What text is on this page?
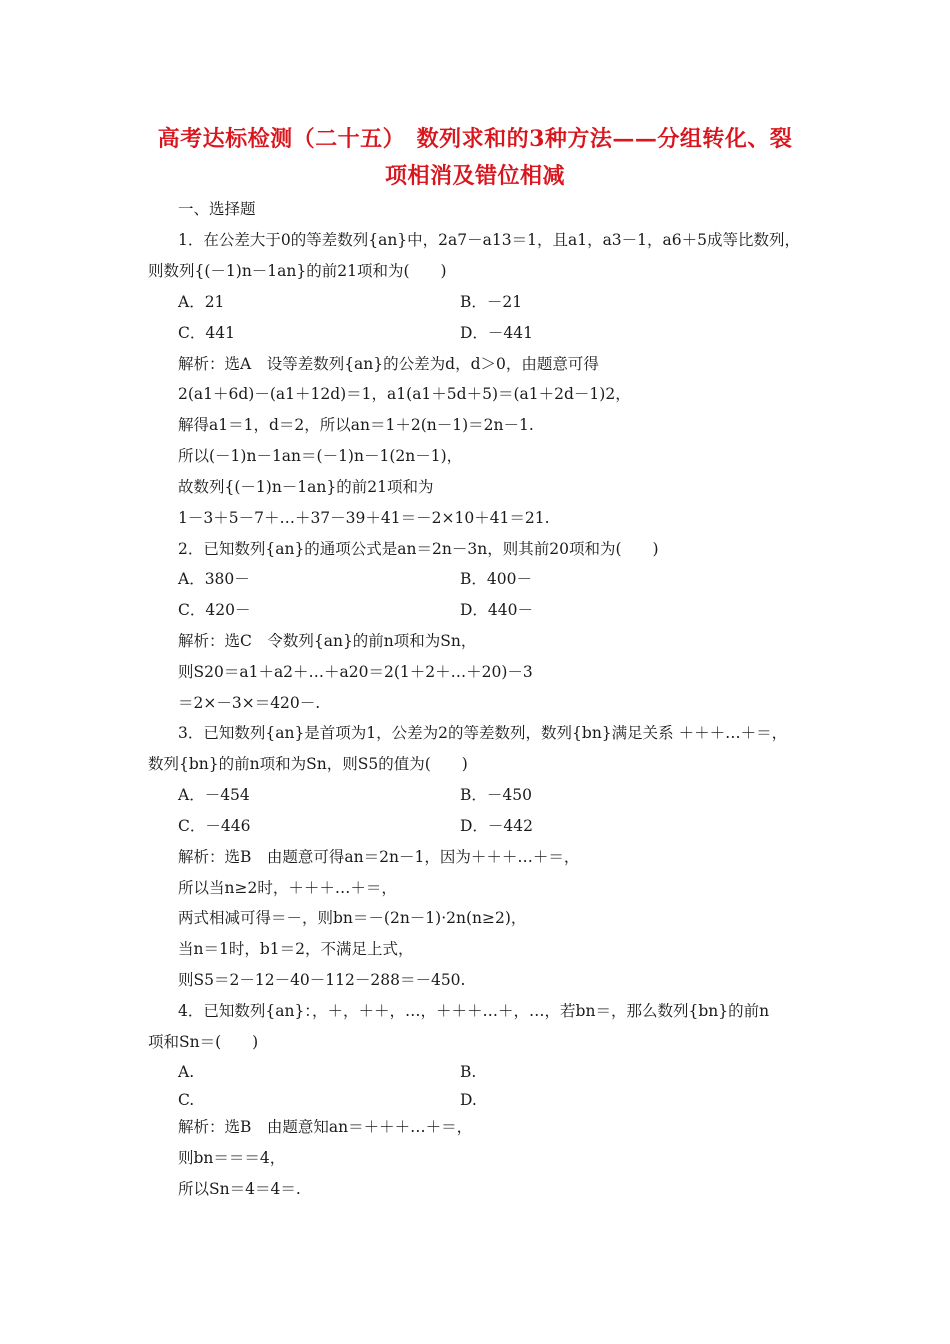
高考达标检测（二十五）　数列求和的3种方法——分组转化、裂
项相消及错位相减
一、选择题
1．在公差大于0的等差数列{an}中，2a7－a13＝1，且a1，a3－1，a6＋5成等比数列，
则数列{(－1)n－1an}的前21项和为(　　)
A．21	B．－21
C．441	D．－441
解析：选A　设等差数列{an}的公差为d，d＞0，由题意可得
2(a1＋6d)－(a1＋12d)＝1，a1(a1＋5d＋5)＝(a1＋2d－1)2，
解得a1＝1，d＝2，所以an＝1＋2(n－1)＝2n－1.
所以(－1)n－1an＝(－1)n－1(2n－1)，
故数列{(－1)n－1an}的前21项和为
1－3＋5－7＋…＋37－39＋41＝－2×10＋41＝21.
2．已知数列{an}的通项公式是an＝2n－3n，则其前20项和为(　　)
A．380－	B．400－
C．420－	D．440－
解析：选C　令数列{an}的前n项和为Sn，
则S20＝a1＋a2＋…＋a20＝2(1＋2＋…＋20)－3
＝2×－3×＝420－.
3．已知数列{an}是首项为1，公差为2的等差数列，数列{bn}满足关系 ＋＋＋…＋＝，
数列{bn}的前n项和为Sn，则S5的值为(　　)
A．－454	B．－450
C．－446	D．－442
解析：选B　由题意可得an＝2n－1，因为＋＋＋…＋＝，
所以当n≥2时，＋＋＋…＋＝，
两式相减可得＝－，则bn＝－(2n－1)·2n(n≥2)，
当n＝1时，b1＝2，不满足上式，
则S5＝2－12－40－112－288＝－450.
4．已知数列{an}：，＋，＋＋，…，＋＋＋…＋，…，若bn＝，那么数列{bn}的前n
项和Sn＝(　　)
A.	B.
C.	D.
解析：选B　由题意知an＝＋＋＋…＋＝，
则bn＝＝＝4，
所以Sn＝4＝4＝.
